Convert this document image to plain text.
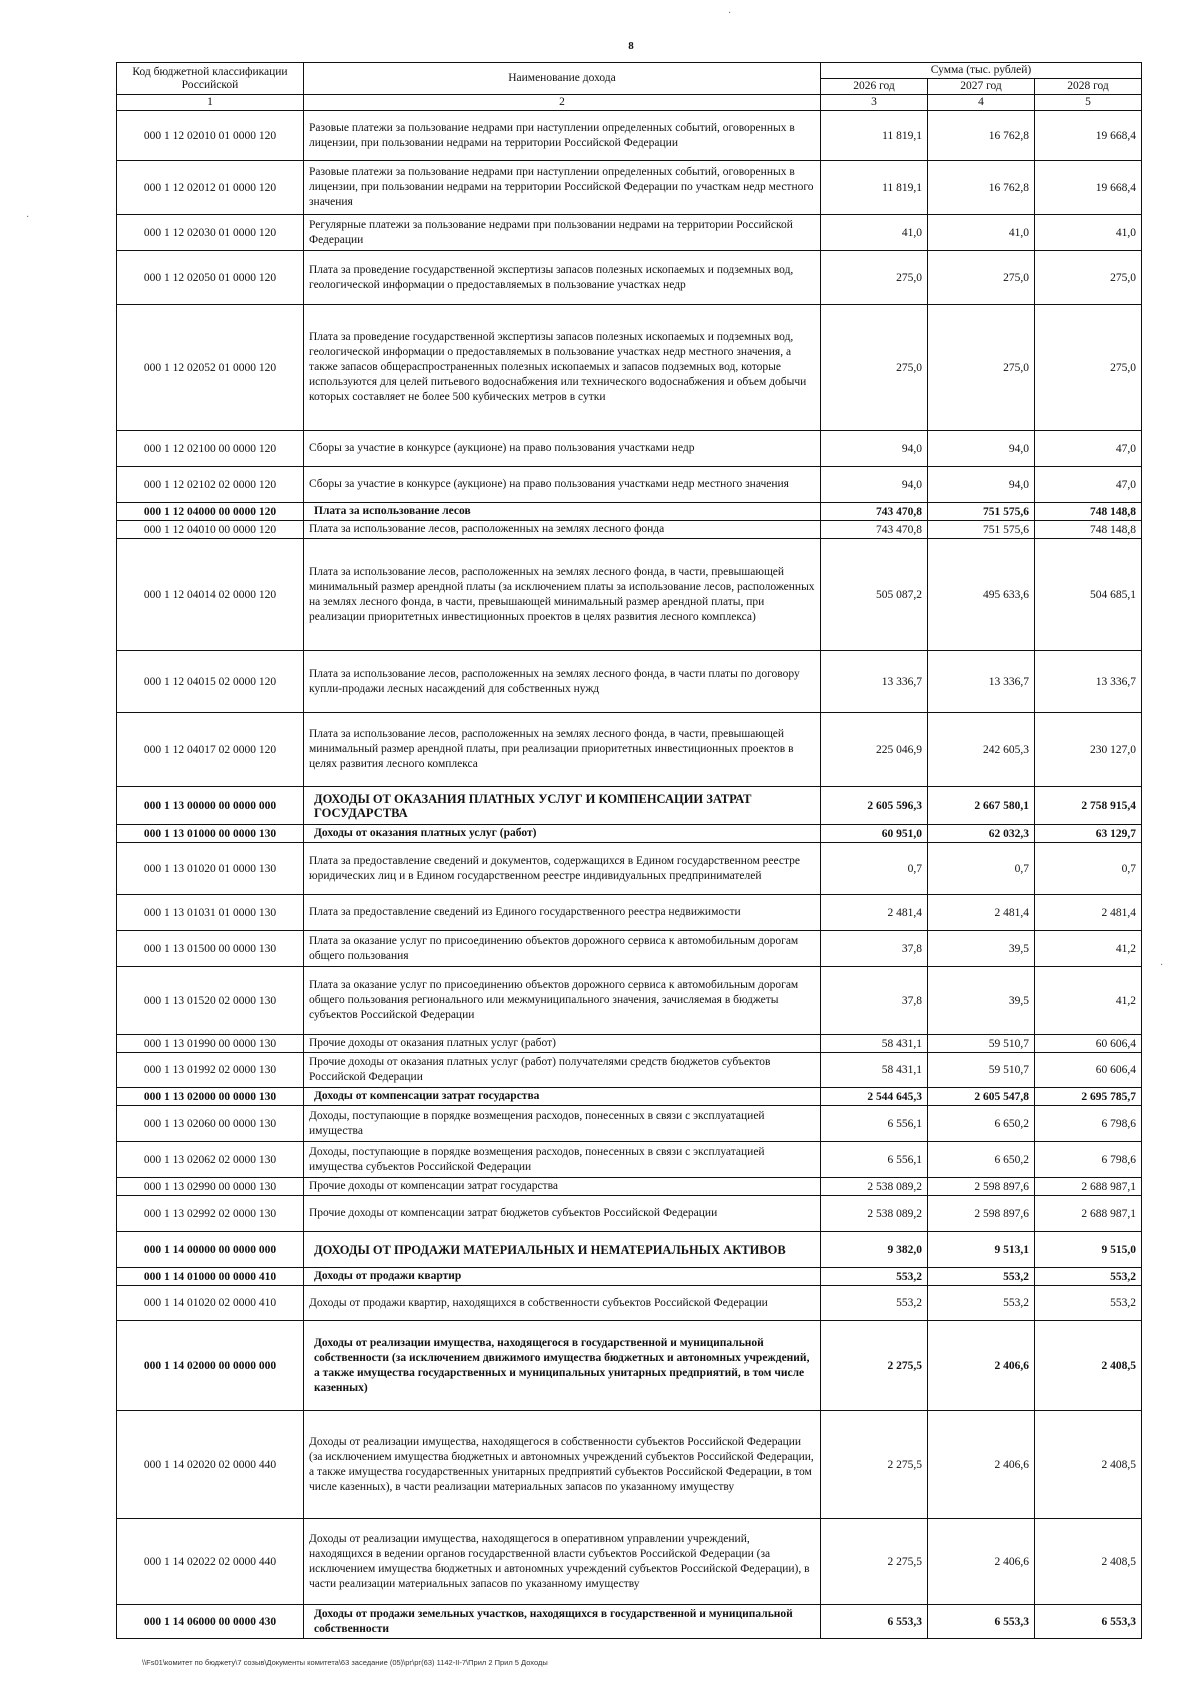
8
Код бюджетной классификации Российской	Наименование дохода	Сумма (тыс. рублей)		
		2026 год	2027 год	2028 год
1	2	3	4	5
000 1 12 02010 01 0000 120	Разовые платежи за пользование недрами при наступлении определенных событий, оговоренных в лицензии, при пользовании недрами на территории Российской Федерации	11 819,1	16 762,8	19 668,4
000 1 12 02012 01 0000 120	Разовые платежи за пользование недрами при наступлении определенных событий, оговоренных в лицензии, при пользовании недрами на территории Российской Федерации по участкам недр местного значения	11 819,1	16 762,8	19 668,4
000 1 12 02030 01 0000 120	Регулярные платежи за пользование недрами при пользовании недрами на территории Российской Федерации	41,0	41,0	41,0
000 1 12 02050 01 0000 120	Плата за проведение государственной экспертизы запасов полезных ископаемых и подземных вод, геологической информации о предоставляемых в пользование участках недр	275,0	275,0	275,0
000 1 12 02052 01 0000 120	Плата за проведение государственной экспертизы запасов полезных ископаемых и подземных вод, геологической информации о предоставляемых в пользование участках недр местного значения, а также запасов общераспространенных полезных ископаемых и запасов подземных вод, которые используются для целей питьевого водоснабжения или технического водоснабжения и объем добычи которых составляет не более 500 кубических метров в сутки	275,0	275,0	275,0
000 1 12 02100 00 0000 120	Сборы за участие в конкурсе (аукционе) на право пользования участками недр	94,0	94,0	47,0
000 1 12 02102 02 0000 120	Сборы за участие в конкурсе (аукционе) на право пользования участками недр местного значения	94,0	94,0	47,0
000 1 12 04000 00 0000 120	Плата за использование лесов	743 470,8	751 575,6	748 148,8
000 1 12 04010 00 0000 120	Плата за использование лесов, расположенных на землях лесного фонда	743 470,8	751 575,6	748 148,8
000 1 12 04014 02 0000 120	Плата за использование лесов, расположенных на землях лесного фонда, в части, превышающей минимальный размер арендной платы (за исключением платы за использование лесов, расположенных на землях лесного фонда, в части, превышающей минимальный размер арендной платы, при реализации приоритетных инвестиционных проектов в целях развития лесного комплекса)	505 087,2	495 633,6	504 685,1
000 1 12 04015 02 0000 120	Плата за использование лесов, расположенных на землях лесного фонда, в части платы по договору купли-продажи лесных насаждений для собственных нужд	13 336,7	13 336,7	13 336,7
000 1 12 04017 02 0000 120	Плата за использование лесов, расположенных на землях лесного фонда, в части, превышающей минимальный размер арендной платы, при реализации приоритетных инвестиционных проектов в целях развития лесного комплекса	225 046,9	242 605,3	230 127,0
000 1 13 00000 00 0000 000	ДОХОДЫ ОТ ОКАЗАНИЯ ПЛАТНЫХ УСЛУГ И КОМПЕНСАЦИИ ЗАТРАТ ГОСУДАРСТВА	2 605 596,3	2 667 580,1	2 758 915,4
000 1 13 01000 00 0000 130	Доходы от оказания платных услуг (работ)	60 951,0	62 032,3	63 129,7
000 1 13 01020 01 0000 130	Плата за предоставление сведений и документов, содержащихся в Едином государственном реестре юридических лиц и в Едином государственном реестре индивидуальных предпринимателей	0,7	0,7	0,7
000 1 13 01031 01 0000 130	Плата за предоставление сведений из Единого государственного реестра недвижимости	2 481,4	2 481,4	2 481,4
000 1 13 01500 00 0000 130	Плата за оказание услуг по присоединению объектов дорожного сервиса к автомобильным дорогам общего пользования	37,8	39,5	41,2
000 1 13 01520 02 0000 130	Плата за оказание услуг по присоединению объектов дорожного сервиса к автомобильным дорогам общего пользования регионального или межмуниципального значения, зачисляемая в бюджеты субъектов Российской Федерации	37,8	39,5	41,2
000 1 13 01990 00 0000 130	Прочие доходы от оказания платных услуг (работ)	58 431,1	59 510,7	60 606,4
000 1 13 01992 02 0000 130	Прочие доходы от оказания платных услуг (работ) получателями средств бюджетов субъектов Российской Федерации	58 431,1	59 510,7	60 606,4
000 1 13 02000 00 0000 130	Доходы от компенсации затрат государства	2 544 645,3	2 605 547,8	2 695 785,7
000 1 13 02060 00 0000 130	Доходы, поступающие в порядке возмещения расходов, понесенных в связи с эксплуатацией имущества	6 556,1	6 650,2	6 798,6
000 1 13 02062 02 0000 130	Доходы, поступающие в порядке возмещения расходов, понесенных в связи с эксплуатацией имущества субъектов Российской Федерации	6 556,1	6 650,2	6 798,6
000 1 13 02990 00 0000 130	Прочие доходы от компенсации затрат государства	2 538 089,2	2 598 897,6	2 688 987,1
000 1 13 02992 02 0000 130	Прочие доходы от компенсации затрат бюджетов субъектов Российской Федерации	2 538 089,2	2 598 897,6	2 688 987,1
000 1 14 00000 00 0000 000	ДОХОДЫ ОТ ПРОДАЖИ МАТЕРИАЛЬНЫХ И НЕМАТЕРИАЛЬНЫХ АКТИВОВ	9 382,0	9 513,1	9 515,0
000 1 14 01000 00 0000 410	Доходы от продажи квартир	553,2	553,2	553,2
000 1 14 01020 02 0000 410	Доходы от продажи квартир, находящихся в собственности субъектов Российской Федерации	553,2	553,2	553,2
000 1 14 02000 00 0000 000	Доходы от реализации имущества, находящегося в государственной и муниципальной собственности (за исключением движимого имущества бюджетных и автономных учреждений, а также имущества государственных и муниципальных унитарных предприятий, в том числе казенных)	2 275,5	2 406,6	2 408,5
000 1 14 02020 02 0000 440	Доходы от реализации имущества, находящегося в собственности субъектов Российской Федерации (за исключением имущества бюджетных и автономных учреждений субъектов Российской Федерации, а также имущества государственных унитарных предприятий субъектов Российской Федерации, в том числе казенных), в части реализации материальных запасов по указанному имуществу	2 275,5	2 406,6	2 408,5
000 1 14 02022 02 0000 440	Доходы от реализации имущества, находящегося в оперативном управлении учреждений, находящихся в ведении органов государственной власти субъектов Российской Федерации (за исключением имущества бюджетных и автономных учреждений субъектов Российской Федерации), в части реализации материальных запасов по указанному имуществу	2 275,5	2 406,6	2 408,5
000 1 14 06000 00 0000 430	Доходы от продажи земельных участков, находящихся в государственной и муниципальной собственности	6 553,3	6 553,3	6 553,3
\\Fs01\комитет по бюджету\7 созыв\Документы комитета\63 заседание (05)\рг\рг(63) 1142-II-7\Прил 2 Прил 5 Доходы
·
·
·
